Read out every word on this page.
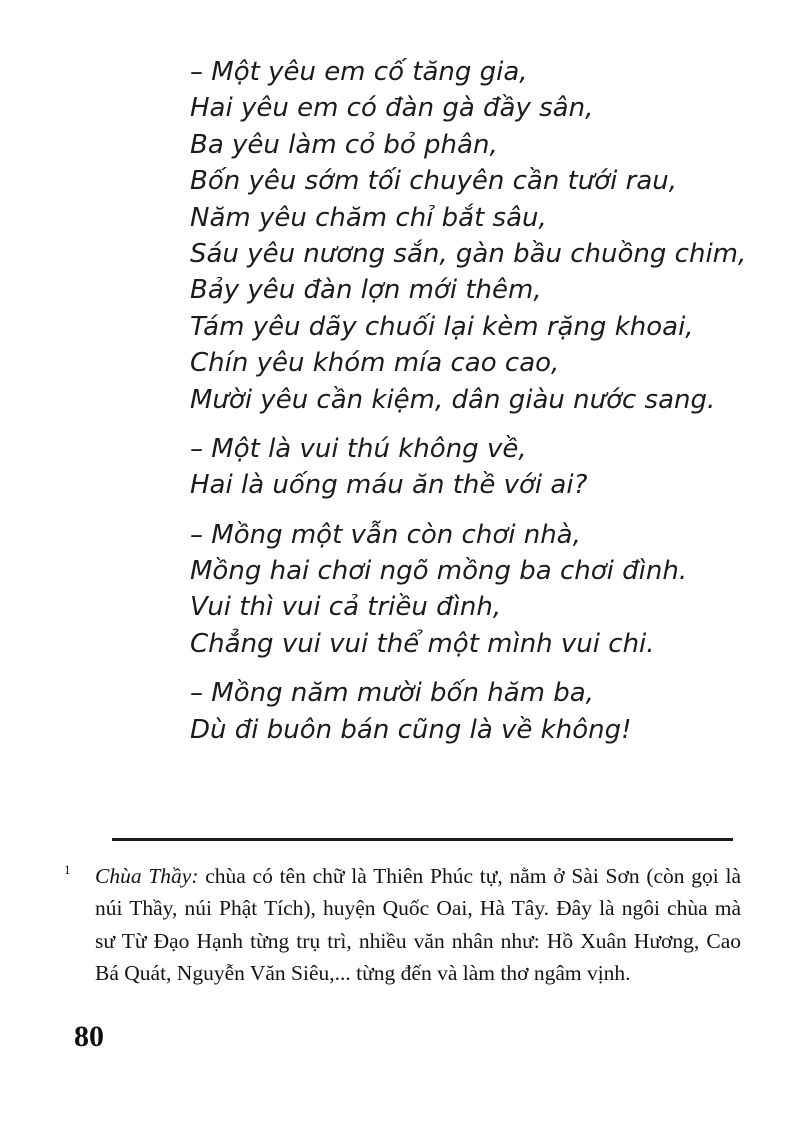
– Một yêu em cố tăng gia,
Hai yêu em có đàn gà đầy sân,
Ba yêu làm cỏ bỏ phân,
Bốn yêu sớm tối chuyên cần tưới rau,
Năm yêu chăm chỉ bắt sâu,
Sáu yêu nương sắn, gàn bầu chuồng chim,
Bảy yêu đàn lợn mới thêm,
Tám yêu dãy chuối lại kèm rặng khoai,
Chín yêu khóm mía cao cao,
Mười yêu cần kiệm, dân giàu nước sang.
– Một là vui thú không về,
Hai là uống máu ăn thề với ai?
– Mồng một vẫn còn chơi nhà,
Mồng hai chơi ngõ mồng ba chơi đình.
Vui thì vui cả triều đình,
Chẳng vui vui thể một mình vui chi.
– Mồng năm mười bốn hăm ba,
Dù đi buôn bán cũng là về không!
1 Chùa Thầy: chùa có tên chữ là Thiên Phúc tự, nằm ở Sài Sơn (còn gọi là núi Thầy, núi Phật Tích), huyện Quốc Oai, Hà Tây. Đây là ngôi chùa mà sư Từ Đạo Hạnh từng trụ trì, nhiều văn nhân như: Hồ Xuân Hương, Cao Bá Quát, Nguyễn Văn Siêu,... từng đến và làm thơ ngâm vịnh.

80
